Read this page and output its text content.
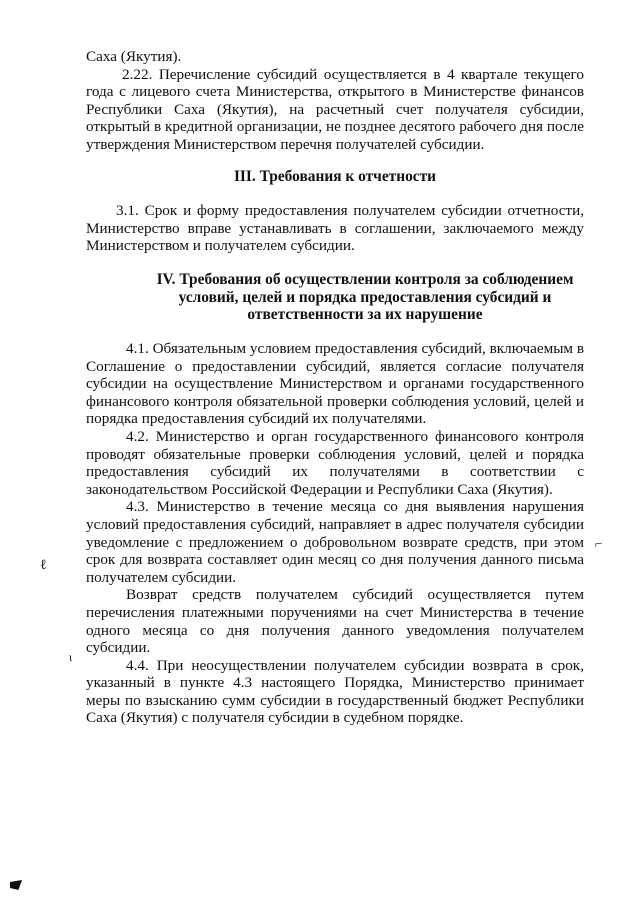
Саха (Якутия).

2.22. Перечисление субсидий осуществляется в 4 квартале текущего года с лицевого счета Министерства, открытого в Министерстве финансов Республики Саха (Якутия), на расчетный счет получателя субсидии, открытый в кредитной организации, не позднее десятого рабочего дня после утверждения Министерством перечня получателей субсидии.

III. Требования к отчетности

3.1. Срок и форму предоставления получателем субсидии отчетности, Министерство вправе устанавливать в соглашении, заключаемого между Министерством и получателем субсидии.

IV. Требования об осуществлении контроля за соблюдением
условий, целей и порядка предоставления субсидий и
ответственности за их нарушение

4.1. Обязательным условием предоставления субсидий, включаемым в Соглашение о предоставлении субсидий, является согласие получателя субсидии на осуществление Министерством и органами государственного финансового контроля обязательной проверки соблюдения условий, целей и порядка предоставления субсидий их получателями.

4.2. Министерство и орган государственного финансового контроля проводят обязательные проверки соблюдения условий, целей и порядка предоставления субсидий их получателями в соответствии с законодательством Российской Федерации и Республики Саха (Якутия).

4.3. Министерство в течение месяца со дня выявления нарушения условий предоставления субсидий, направляет в адрес получателя субсидии уведомление с предложением о добровольном возврате средств, при этом срок для возврата составляет один месяц со дня получения данного письма получателем субсидии.

Возврат средств получателем субсидий осуществляется путем перечисления платежными поручениями на счет Министерства в течение одного месяца со дня получения данного уведомления получателем субсидии.

4.4. При неосуществлении получателем субсидии возврата в срок, указанный в пункте 4.3 настоящего Порядка, Министерство принимает меры по взысканию сумм субсидии в государственный бюджет Республики Саха (Якутия) с получателя субсидии в судебном порядке.

ℓ
⌐
ι
